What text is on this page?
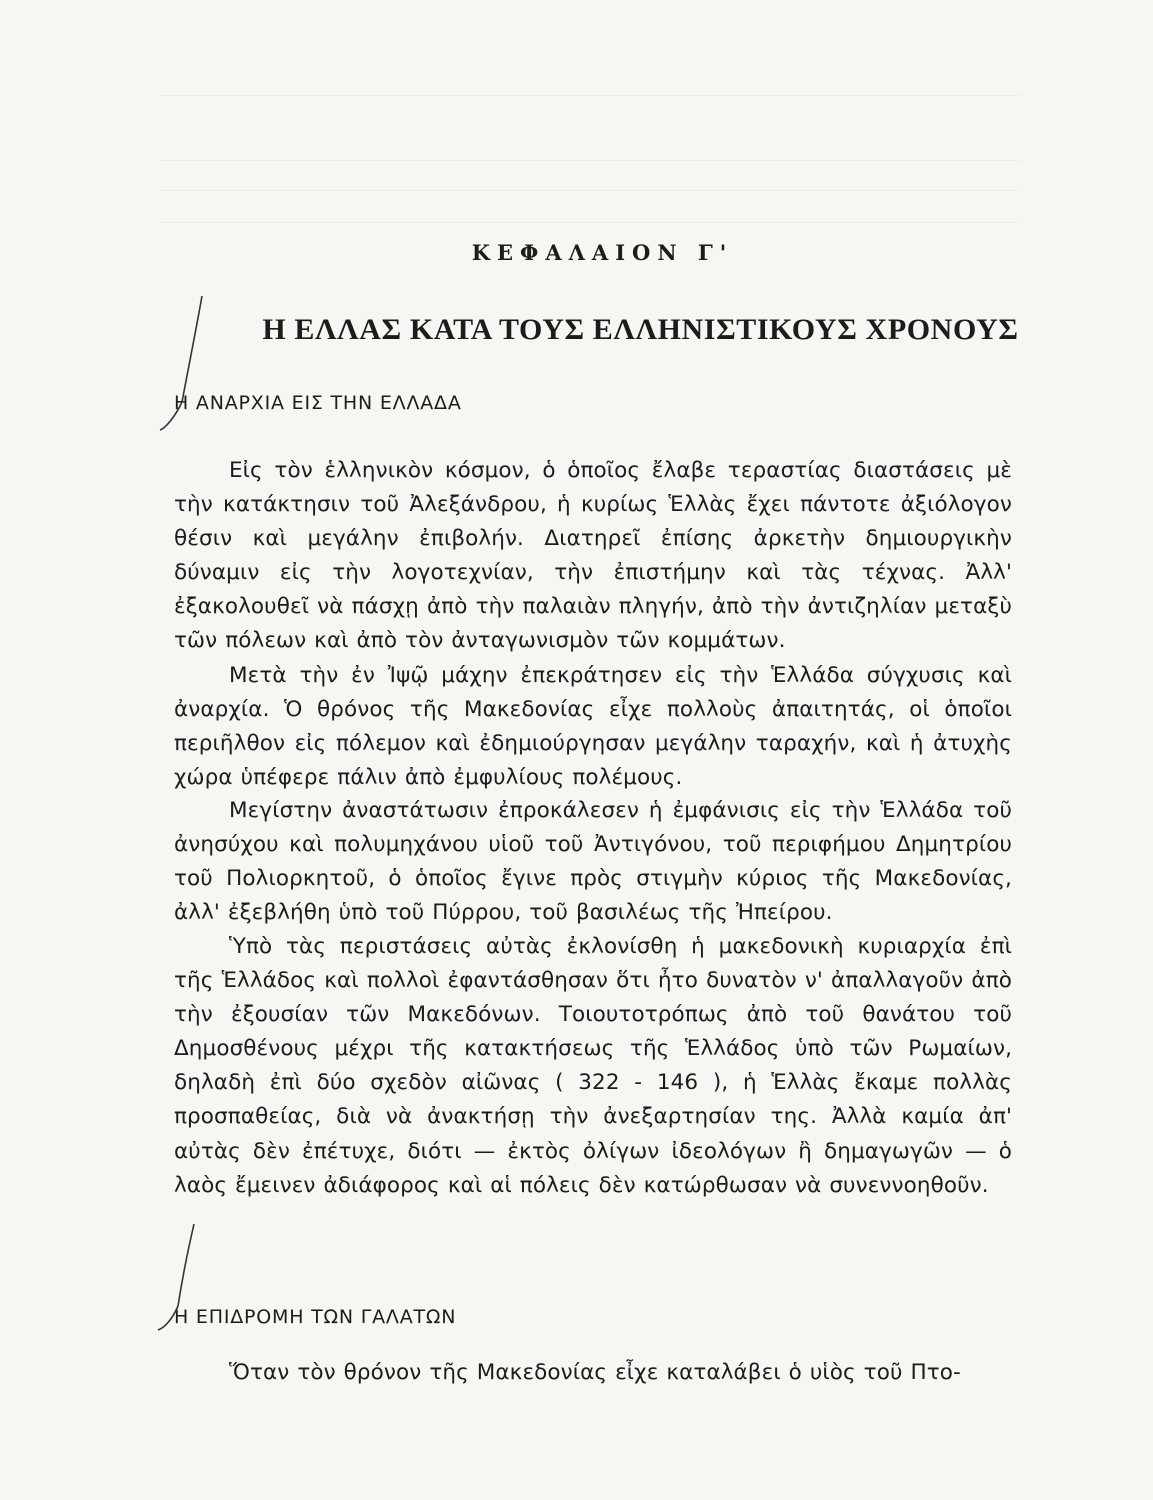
ΚΕΦΑΛΑΙΟΝ Γ'
Η ΕΛΛΑΣ ΚΑΤΑ ΤΟΥΣ ΕΛΛΗΝΙΣΤΙΚΟΥΣ ΧΡΟΝΟΥΣ
Η ΑΝΑΡΧΙΑ ΕΙΣ ΤΗΝ ΕΛΛΑΔΑ

Εἰς τὸν ἑλληνικὸν κόσμον, ὁ ὁποῖος ἔλαβε τεραστίας διαστάσεις μὲ τὴν κατάκτησιν τοῦ Ἀλεξάνδρου, ἡ κυρίως Ἑλλὰς ἔχει πάντοτε ἀξιόλογον θέσιν καὶ μεγάλην ἐπιβολήν. Διατηρεῖ ἐπίσης ἀρκετὴν δημιουργικὴν δύναμιν εἰς τὴν λογοτεχνίαν, τὴν ἐπιστήμην καὶ τὰς τέχνας. Ἀλλ' ἐξακολουθεῖ νὰ πάσχῃ ἀπὸ τὴν παλαιὰν πληγήν, ἀπὸ τὴν ἀντιζηλίαν μεταξὺ τῶν πόλεων καὶ ἀπὸ τὸν ἀνταγωνισμὸν τῶν κομμάτων.

Μετὰ τὴν ἐν Ἰψῷ μάχην ἐπεκράτησεν εἰς τὴν Ἑλλάδα σύγχυσις καὶ ἀναρχία. Ὁ θρόνος τῆς Μακεδονίας εἶχε πολλοὺς ἀπαιτητάς, οἱ ὁποῖοι περιῆλθον εἰς πόλεμον καὶ ἐδημιούργησαν μεγάλην ταραχήν, καὶ ἡ ἀτυχὴς χώρα ὑπέφερε πάλιν ἀπὸ ἐμφυλίους πολέμους.

Μεγίστην ἀναστάτωσιν ἐπροκάλεσεν ἡ ἐμφάνισις εἰς τὴν Ἑλλάδα τοῦ ἀνησύχου καὶ πολυμηχάνου υἱοῦ τοῦ Ἀντιγόνου, τοῦ περιφήμου Δημητρίου τοῦ Πολιορκητοῦ, ὁ ὁποῖος ἔγινε πρὸς στιγμὴν κύριος τῆς Μακεδονίας, ἀλλ' ἐξεβλήθη ὑπὸ τοῦ Πύρρου, τοῦ βασιλέως τῆς Ἠπείρου.

Ὑπὸ τὰς περιστάσεις αὐτὰς ἐκλονίσθη ἡ μακεδονικὴ κυριαρχία ἐπὶ τῆς Ἑλλάδος καὶ πολλοὶ ἐφαντάσθησαν ὅτι ἦτο δυνατὸν ν' ἀπαλλαγοῦν ἀπὸ τὴν ἐξουσίαν τῶν Μακεδόνων. Τοιουτοτρόπως ἀπὸ τοῦ θανάτου τοῦ Δημοσθένους μέχρι τῆς κατακτήσεως τῆς Ἑλλάδος ὑπὸ τῶν Ρωμαίων, δηλαδὴ ἐπὶ δύο σχεδὸν αἰῶνας ( 322 - 146 ), ἡ Ἑλλὰς ἔκαμε πολλὰς προσπαθείας, διὰ νὰ ἀνακτήσῃ τὴν ἀνεξαρτησίαν της. Ἀλλὰ καμία ἀπ' αὐτὰς δὲν ἐπέτυχε, διότι — ἐκτὸς ὀλίγων ἰδεολόγων ἢ δημαγωγῶν — ὁ λαὸς ἔμεινεν ἀδιάφορος καὶ αἱ πόλεις δὲν κατώρθωσαν νὰ συνεννοηθοῦν.

Η ΕΠΙΔΡΟΜΗ ΤΩΝ ΓΑΛΑΤΩΝ

Ὅταν τὸν θρόνον τῆς Μακεδονίας εἶχε καταλάβει ὁ υἱὸς τοῦ Πτο-
